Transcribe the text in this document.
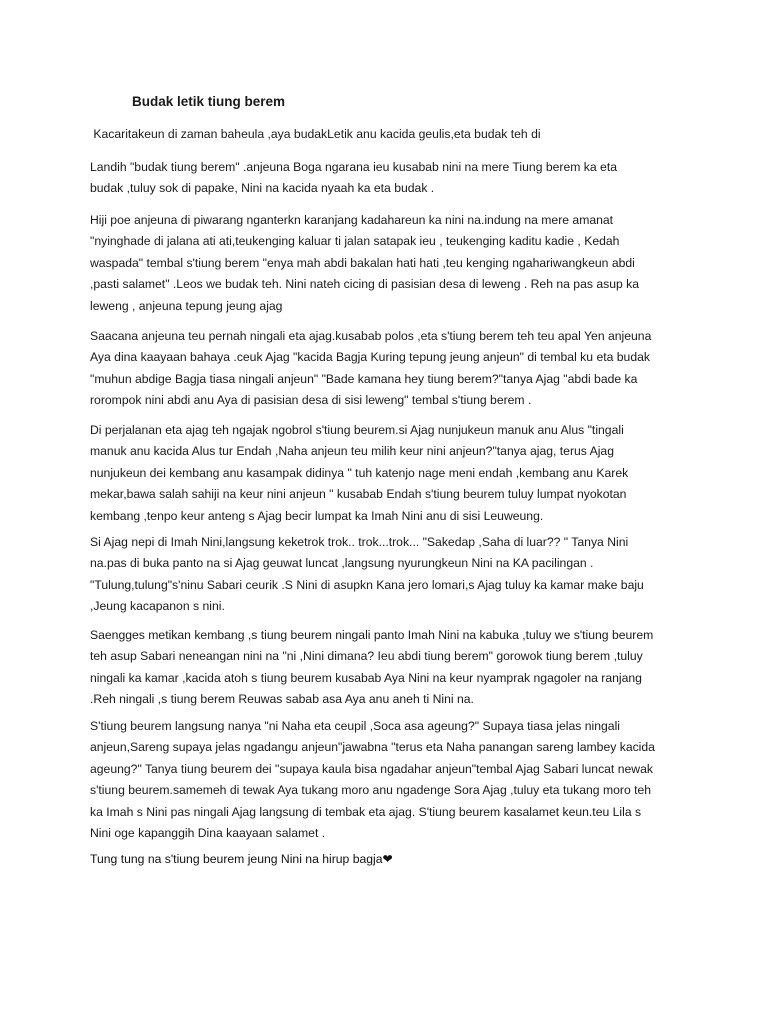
Budak letik tiung berem

Kacaritakeun di zaman baheula ,aya budakLetik anu kacida geulis,eta budak teh di

Landih "budak tiung berem" .anjeuna Boga ngarana ieu kusabab nini na mere Tiung berem ka eta
budak ,tuluy sok di papake, Nini na kacida nyaah ka eta budak .

Hiji poe anjeuna di piwarang nganterkn karanjang kadahareun ka nini na.indung na mere amanat
"nyinghade di jalana ati ati,teukenging kaluar ti jalan satapak ieu , teukenging kaditu kadie , Kedah
waspada" tembal s'tiung berem "enya mah abdi bakalan hati hati ,teu kenging ngahariwangkeun abdi
,pasti salamet" .Leos we budak teh. Nini nateh cicing di pasisian desa di leweng . Reh na pas asup ka
leweng , anjeuna tepung jeung ajag

Saacana anjeuna teu pernah ningali eta ajag.kusabab polos ,eta s'tiung berem teh teu apal Yen anjeuna
Aya dina kaayaan bahaya .ceuk Ajag "kacida Bagja Kuring tepung jeung anjeun" di tembal ku eta budak
"muhun abdige Bagja tiasa ningali anjeun" "Bade kamana hey tiung berem?"tanya Ajag "abdi bade ka
rorompok nini abdi anu Aya di pasisian desa di sisi leweng" tembal s'tiung berem .

Di perjalanan eta ajag teh ngajak ngobrol s'tiung beurem.si Ajag nunjukeun manuk anu Alus "tingali
manuk anu kacida Alus tur Endah ,Naha anjeun teu milih keur nini anjeun?"tanya ajag, terus Ajag
nunjukeun dei kembang anu kasampak didinya " tuh katenjo nage meni endah ,kembang anu Karek
mekar,bawa salah sahiji na keur nini anjeun " kusabab Endah s'tiung beurem tuluy lumpat nyokotan
kembang ,tenpo keur anteng s Ajag becir lumpat ka Imah Nini anu di sisi Leuweung.

Si Ajag nepi di Imah Nini,langsung keketrok trok.. trok...trok... "Sakedap ,Saha di luar?? " Tanya Nini
na.pas di buka panto na si Ajag geuwat luncat ,langsung nyurungkeun Nini na KA pacilingan .
"Tulung,tulung"s'ninu Sabari ceurik .S Nini di asupkn Kana jero lomari,s Ajag tuluy ka kamar make baju
,Jeung kacapanon s nini.

Saengges metikan kembang ,s tiung beurem ningali panto Imah Nini na kabuka ,tuluy we s'tiung beurem
teh asup Sabari neneangan nini na "ni ,Nini dimana? Ieu abdi tiung berem" gorowok tiung berem ,tuluy
ningali ka kamar ,kacida atoh s tiung beurem kusabab Aya Nini na keur nyamprak ngagoler na ranjang
.Reh ningali ,s tiung berem Reuwas sabab asa Aya anu aneh ti Nini na.

S'tiung beurem langsung nanya "ni Naha eta ceupil ,Soca asa ageung?" Supaya tiasa jelas ningali
anjeun,Sareng supaya jelas ngadangu anjeun"jawabna "terus eta Naha panangan sareng lambey kacida
ageung?" Tanya tiung beurem dei "supaya kaula bisa ngadahar anjeun"tembal Ajag Sabari luncat newak
s'tiung beurem.samemeh di tewak Aya tukang moro anu ngadenge Sora Ajag ,tuluy eta tukang moro teh
ka Imah s Nini pas ningali Ajag langsung di tembak eta ajag. S'tiung beurem kasalamet keun.teu Lila s
Nini oge kapanggih Dina kaayaan salamet .

Tung tung na s'tiung beurem jeung Nini na hirup bagja❤
